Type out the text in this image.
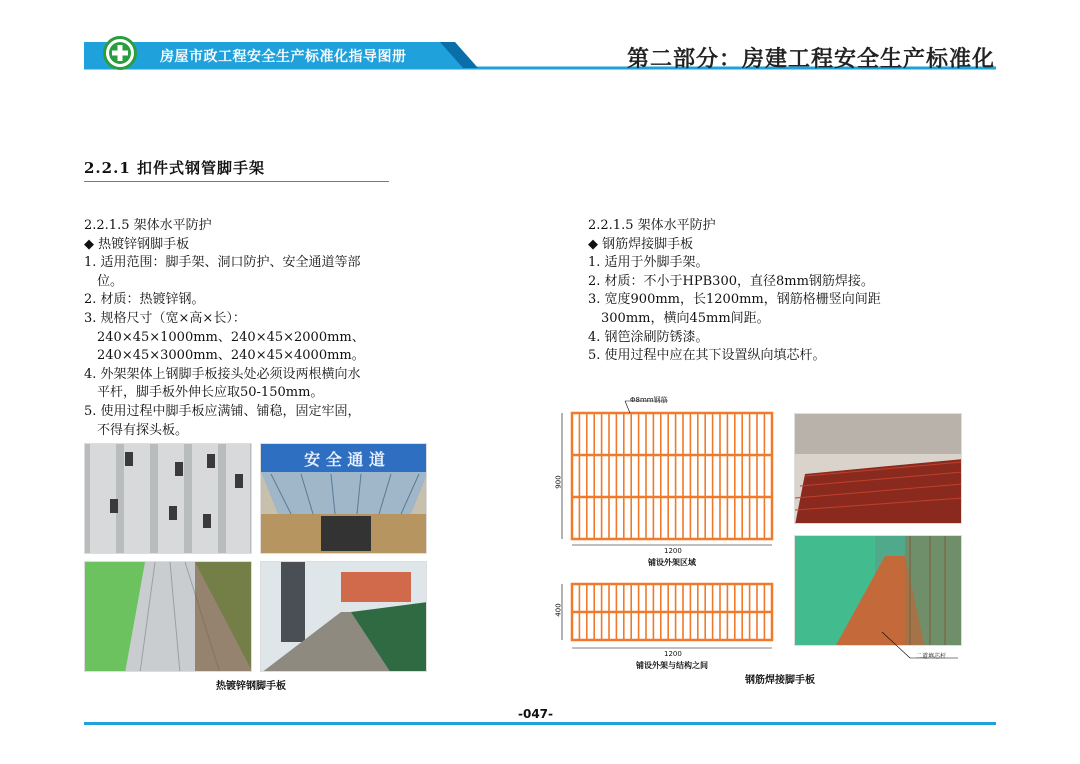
房屋市政工程安全生产标准化指导图册	第二部分：房建工程安全生产标准化
2.2.1 扣件式钢管脚手架
2.2.1.5 架体水平防护
◆ 热镀锌钢脚手板
1. 适用范围：脚手架、洞口防护、安全通道等部
位。
2. 材质：热镀锌钢。
3. 规格尺寸（宽×高×长）：
240×45×1000mm、240×45×2000mm、
240×45×3000mm、240×45×4000mm。
4. 外架架体上钢脚手板接头处必须设两根横向水
平杆，脚手板外伸长应取50-150mm。
5. 使用过程中脚手板应满铺、铺稳，固定牢固，
不得有探头板。
安 全 通 道
热镀锌钢脚手板
2.2.1.5 架体水平防护
◆ 钢筋焊接脚手板
1. 适用于外脚手架。
2. 材质：不小于HPB300，直径8mm钢筋焊接。
3. 宽度900mm，长1200mm，钢筋格栅竖向间距
300mm，横向45mm间距。
4. 钢笆涂刷防锈漆。
5. 使用过程中应在其下设置纵向填芯杆。
Φ8mm钢筋
900
1200
铺设外架区域
400
1200
铺设外架与结构之间
二道填芯杆
钢筋焊接脚手板
-047-
